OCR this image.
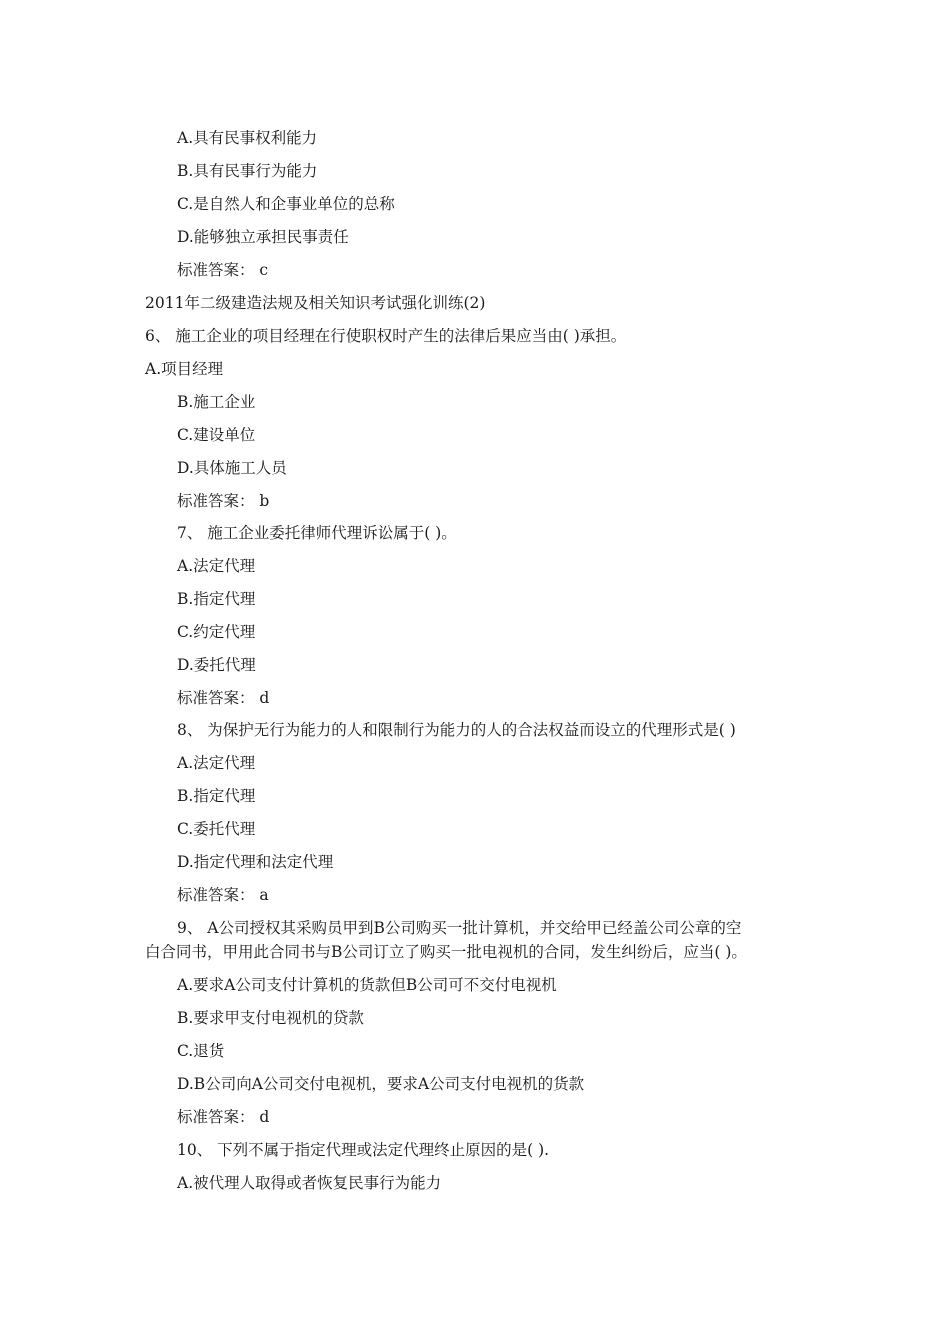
A.具有民事权利能力
B.具有民事行为能力
C.是自然人和企事业单位的总称
D.能够独立承担民事责任
标准答案： c
2011年二级建造法规及相关知识考试强化训练(2)
6、 施工企业的项目经理在行使职权时产生的法律后果应当由( )承担。
A.项目经理
B.施工企业
C.建设单位
D.具体施工人员
标准答案： b
7、 施工企业委托律师代理诉讼属于( )。
A.法定代理
B.指定代理
C.约定代理
D.委托代理
标准答案： d
8、 为保护无行为能力的人和限制行为能力的人的合法权益而设立的代理形式是( )
A.法定代理
B.指定代理
C.委托代理
D.指定代理和法定代理
标准答案： a
9、 A公司授权其采购员甲到B公司购买一批计算机，并交给甲已经盖公司公章的空
白合同书，甲用此合同书与B公司订立了购买一批电视机的合同，发生纠纷后，应当( )。
A.要求A公司支付计算机的货款但B公司可不交付电视机
B.要求甲支付电视机的贷款
C.退货
D.B公司向A公司交付电视机，要求A公司支付电视机的货款
标准答案： d
10、 下列不属于指定代理或法定代理终止原因的是( ).
A.被代理人取得或者恢复民事行为能力
